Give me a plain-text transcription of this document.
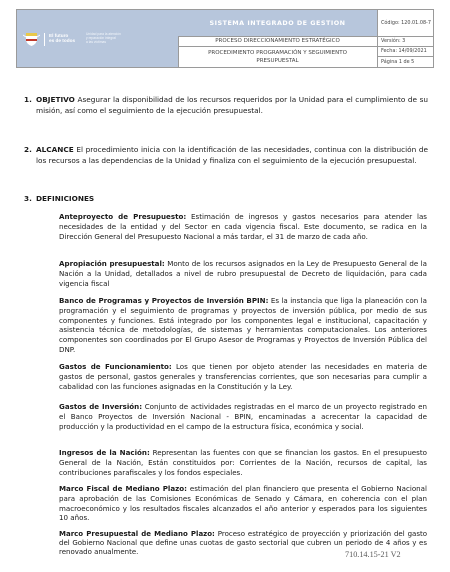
El futuro
es de todos
Unidad para la atención
y reparación integral
a las víctimas
SISTEMA INTEGRADO DE GESTION
PROCESO DIRECCIONAMIENTO ESTRATÉGICO
PROCEDIMIENTO PROGRAMACIÓN Y SEGUIMIENTO
PRESUPUESTAL
Código: 120.01.08-7
Versión: 3
Fecha: 14/09/2021
Página 1 de 5
1. OBJETIVO Asegurar la disponibilidad de los recursos requeridos por la Unidad para el cumplimiento de su misión, así como el seguimiento de la ejecución presupuestal.
2. ALCANCE El procedimiento inicia con la identificación de las necesidades, continua con la distribución de los recursos a las dependencias de la Unidad y finaliza con el seguimiento de la ejecución presupuestal.
3. DEFINICIONES
Anteproyecto de Presupuesto: Estimación de ingresos y gastos necesarios para atender las necesidades de la entidad y del Sector en cada vigencia fiscal. Este documento, se radica en la Dirección General del Presupuesto Nacional a más tardar, el 31 de marzo de cada año.
Apropiación presupuestal: Monto de los recursos asignados en la Ley de Presupuesto General de la Nación a la Unidad, detallados a nivel de rubro presupuestal de Decreto de liquidación, para cada vigencia fiscal
Banco de Programas y Proyectos de Inversión BPIN: Es la instancia que liga la planeación con la programación y el seguimiento de programas y proyectos de inversión pública, por medio de sus componentes y funciones. Está integrado por los componentes legal e institucional, capacitación y asistencia técnica de metodologías, de sistemas y herramientas computacionales. Los anteriores componentes son coordinados por El Grupo Asesor de Programas y Proyectos de Inversión Pública del DNP.
Gastos de Funcionamiento: Los que tienen por objeto atender las necesidades en materia de gastos de personal, gastos generales y transferencias corrientes, que son necesarias para cumplir a cabalidad con las funciones asignadas en la Constitución y la Ley.
Gastos de Inversión: Conjunto de actividades registradas en el marco de un proyecto registrado en el Banco Proyectos de Inversión Nacional - BPIN, encaminadas a acrecentar la capacidad de producción y la productividad en el campo de la estructura física, económica y social.
Ingresos de la Nación: Representan las fuentes con que se financian los gastos. En el presupuesto General de la Nación, Están constituidos por: Corrientes de la Nación, recursos de capital, las contribuciones parafiscales y los fondos especiales.
Marco Fiscal de Mediano Plazo: estimación del plan financiero que presenta el Gobierno Nacional para aprobación de las Comisiones Económicas de Senado y Cámara, en coherencia con el plan macroeconómico y los resultados fiscales alcanzados el año anterior y esperados para los siguientes 10 años.
Marco Presupuestal de Mediano Plazo: Proceso estratégico de proyección y priorización del gasto del Gobierno Nacional que define unas cuotas de gasto sectorial que cubren un periodo de 4 años y es renovado anualmente.	710.14.15-21 V2
